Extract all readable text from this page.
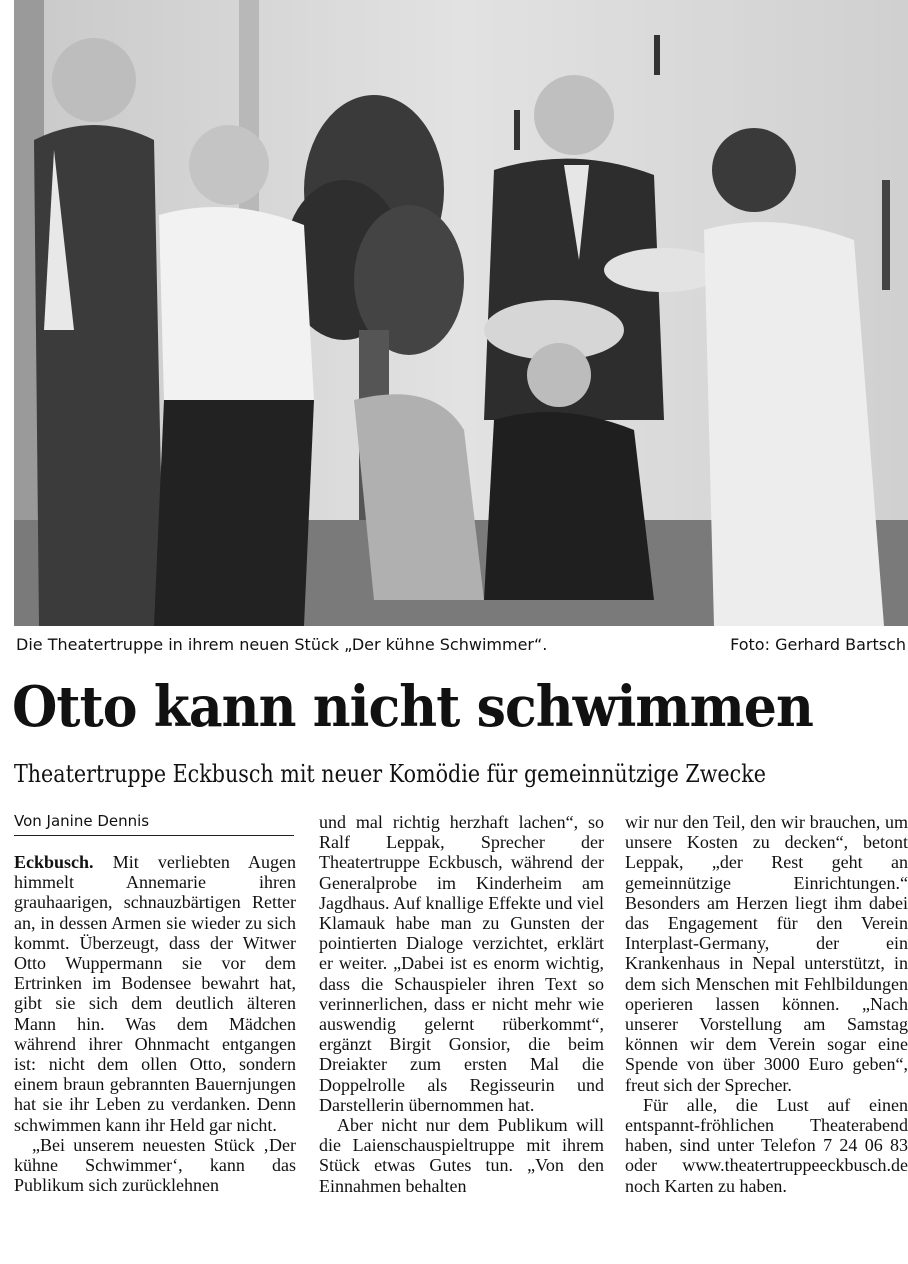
Die Theatertruppe in ihrem neuen Stück „Der kühne Schwimmer“.	Foto: Gerhard Bartsch
Otto kann nicht schwimmen
Theatertruppe Eckbusch mit neuer Komödie für gemeinnützige Zwecke
Von Janine Dennis

Eckbusch. Mit verliebten Augen himmelt Annemarie ihren grauhaarigen, schnauzbärtigen Retter an, in dessen Armen sie wieder zu sich kommt. Überzeugt, dass der Witwer Otto Wuppermann sie vor dem Ertrinken im Bodensee bewahrt hat, gibt sie sich dem deutlich älteren Mann hin. Was dem Mädchen während ihrer Ohnmacht entgangen ist: nicht dem ollen Otto, sondern einem braun gebrannten Bauernjungen hat sie ihr Leben zu verdanken. Denn schwimmen kann ihr Held gar nicht.

„Bei unserem neuesten Stück ‚Der kühne Schwimmer‘, kann das Publikum sich zurücklehnen

und mal richtig herzhaft lachen“, so Ralf Leppak, Sprecher der Theatertruppe Eckbusch, während der Generalprobe im Kinderheim am Jagdhaus. Auf knallige Effekte und viel Klamauk habe man zu Gunsten der pointierten Dialoge verzichtet, erklärt er weiter. „Dabei ist es enorm wichtig, dass die Schauspieler ihren Text so verinnerlichen, dass er nicht mehr wie auswendig gelernt rüberkommt“, ergänzt Birgit Gonsior, die beim Dreiakter zum ersten Mal die Doppelrolle als Regisseurin und Darstellerin übernommen hat.

Aber nicht nur dem Publikum will die Laienschauspieltruppe mit ihrem Stück etwas Gutes tun. „Von den Einnahmen behalten

wir nur den Teil, den wir brauchen, um unsere Kosten zu decken“, betont Leppak, „der Rest geht an gemeinnützige Einrichtungen.“ Besonders am Herzen liegt ihm dabei das Engagement für den Verein Interplast-Germany, der ein Krankenhaus in Nepal unterstützt, in dem sich Menschen mit Fehlbildungen operieren lassen können. „Nach unserer Vorstellung am Samstag können wir dem Verein sogar eine Spende von über 3000 Euro geben“, freut sich der Sprecher.

Für alle, die Lust auf einen entspannt-fröhlichen Theaterabend haben, sind unter Telefon 7 24 06 83 oder www.theatertruppeeckbusch.de noch Karten zu haben.
